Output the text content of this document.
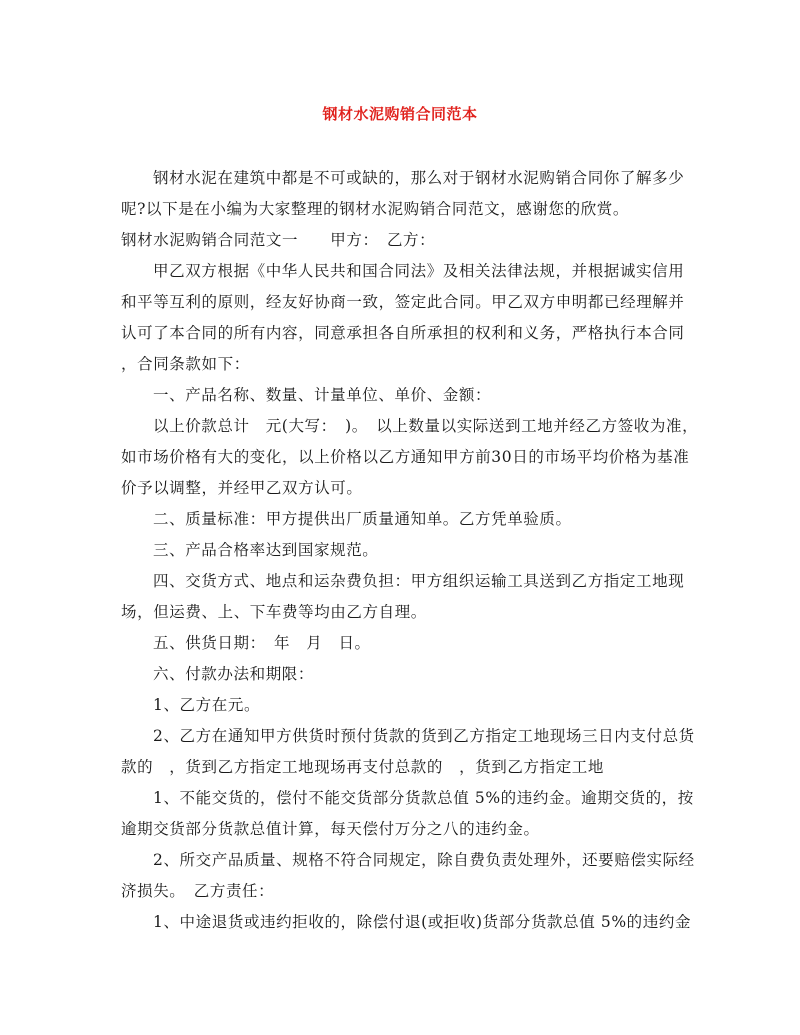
钢材水泥购销合同范本
钢材水泥在建筑中都是不可或缺的，那么对于钢材水泥购销合同你了解多少
呢?以下是在小编为大家整理的钢材水泥购销合同范文，感谢您的欣赏。
钢材水泥购销合同范文一　　甲方：　乙方：
甲乙双方根据《中华人民共和国合同法》及相关法律法规，并根据诚实信用
和平等互利的原则，经友好协商一致，签定此合同。甲乙双方申明都已经理解并
认可了本合同的所有内容，同意承担各自所承担的权利和义务，严格执行本合同
，合同条款如下：
一、产品名称、数量、计量单位、单价、金额：
以上价款总计　元(大写：　)。　以上数量以实际送到工地并经乙方签收为准，
如市场价格有大的变化，以上价格以乙方通知甲方前30日的市场平均价格为基准
价予以调整，并经甲乙双方认可。
二、质量标准：甲方提供出厂质量通知单。乙方凭单验质。
三、产品合格率达到国家规范。
四、交货方式、地点和运杂费负担：甲方组织运输工具送到乙方指定工地现
场，但运费、上、下车费等均由乙方自理。
五、供货日期：　年　月　日。
六、付款办法和期限：
1、乙方在元。
2、乙方在通知甲方供货时预付货款的货到乙方指定工地现场三日内支付总货
款的　，货到乙方指定工地现场再支付总款的　，货到乙方指定工地
1、不能交货的，偿付不能交货部分货款总值 5%的违约金。逾期交货的，按
逾期交货部分货款总值计算，每天偿付万分之八的违约金。
2、所交产品质量、规格不符合同规定，除自费负责处理外，还要赔偿实际经
济损失。　乙方责任：
1、中途退货或违约拒收的，除偿付退(或拒收)货部分货款总值 5%的违约金
